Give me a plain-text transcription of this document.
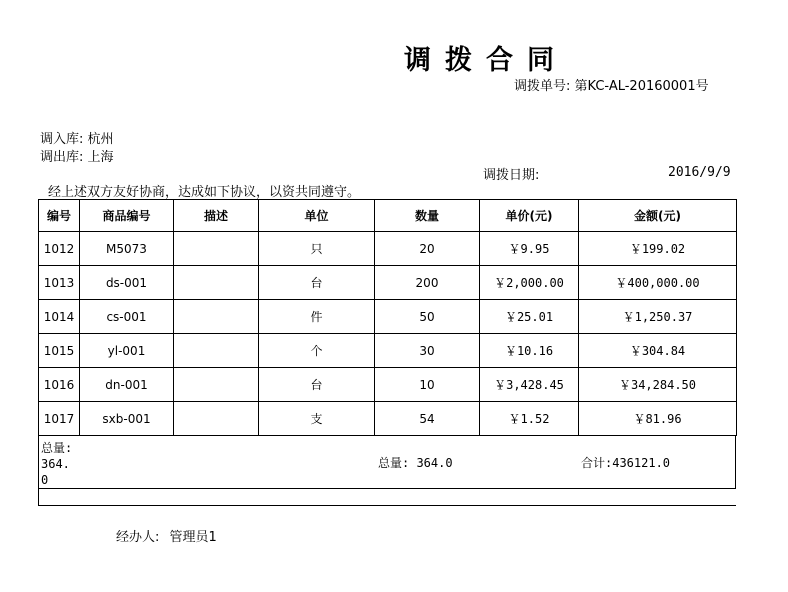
调拨合同
调拨单号: 第KC-AL-20160001号
调入库: 杭州
调出库: 上海
调拨日期:	2016/9/9
经上述双方友好协商，达成如下协议，以资共同遵守。
编号	商品编号	描述	单位	数量	单价(元)	金额(元)
1012	M5073		只	20	￥9.95	￥199.02
1013	ds-001		台	200	￥2,000.00	￥400,000.00
1014	cs-001		件	50	￥25.01	￥1,250.37
1015	yl-001		个	30	￥10.16	￥304.84
1016	dn-001		台	10	￥3,428.45	￥34,284.50
1017	sxb-001		支	54	￥1.52	￥81.96
总量:364.0
总量: 364.0	合计:436121.0
经办人: 管理员1
